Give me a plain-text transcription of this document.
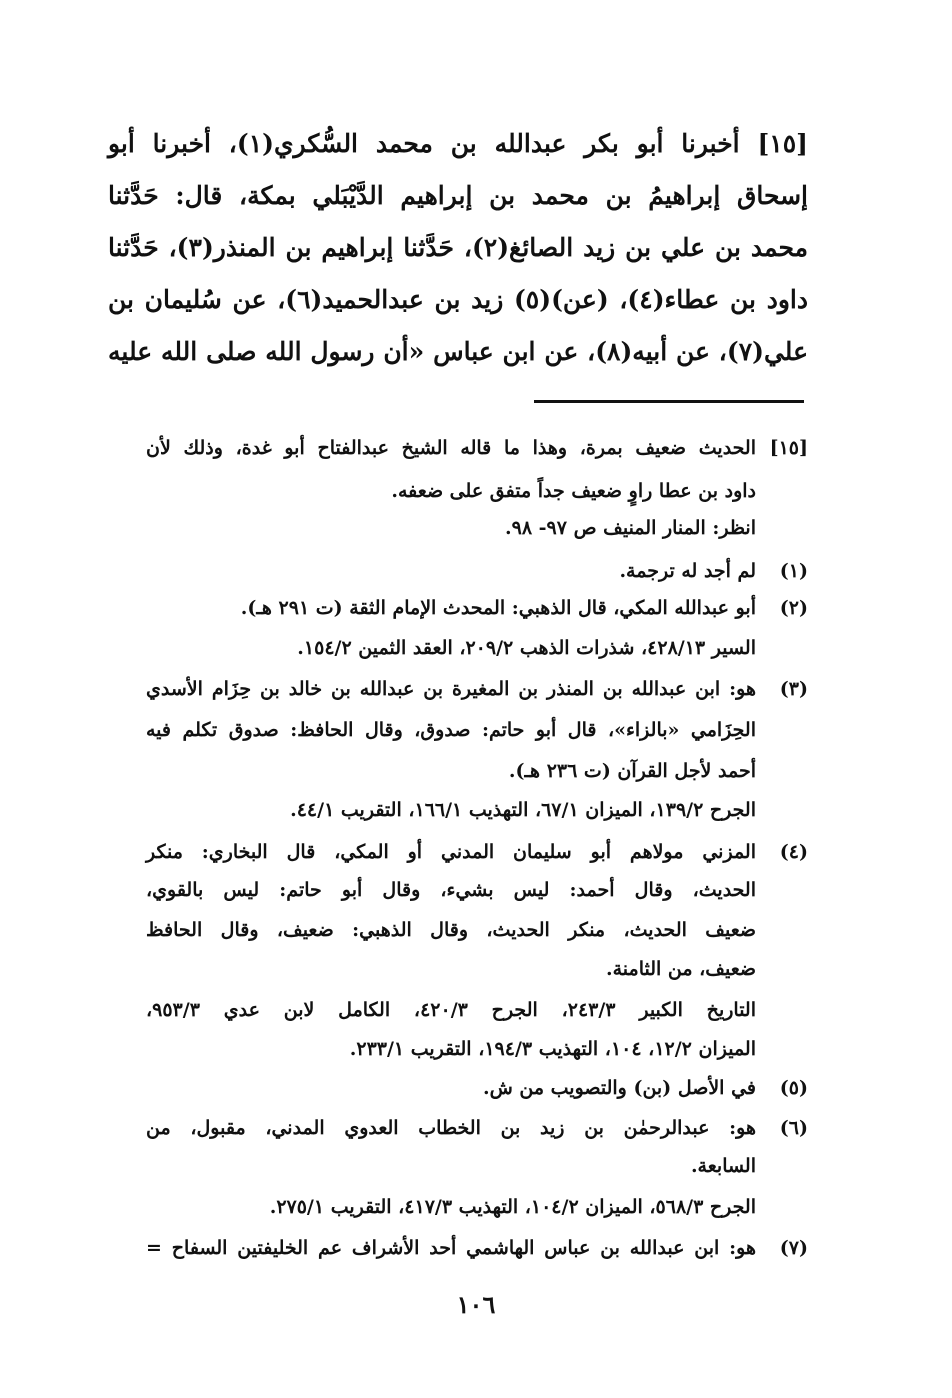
[١٥] أخبرنا أبو بكر عبدالله بن محمد السُّكري(١)، أخبرنا أبو
إسحاق إبراهيمُ بن محمد بن إبراهيم الدَّيْبَلي بمكة، قال: حَدَّثنا
محمد بن علي بن زيد الصائغ(٢)، حَدَّثنا إبراهيم بن المنذر(٣)، حَدَّثنا
داود بن عطاء(٤)، (عن)(٥) زيد بن عبدالحميد(٦)، عن سُليمان بن
علي(٧)، عن أبيه(٨)، عن ابن عباس «أن رسول الله صلى الله عليه
[١٥]
الحديث ضعيف بمرة، وهذا ما قاله الشيخ عبدالفتاح أبو غدة، وذلك لأن
داود بن عطا راوٍ ضعيف جداً متفق على ضعفه.
انظر: المنار المنيف ص ٩٧- ٩٨.
(١)
لم أجد له ترجمة.
(٢)
أبو عبدالله المكي، قال الذهبي: المحدث الإمام الثقة (ت ٢٩١ هـ).
السير ٤٢٨/١٣، شذرات الذهب ٢٠٩/٢، العقد الثمين ١٥٤/٢.
(٣)
هو: ابن عبدالله بن المنذر بن المغيرة بن عبدالله بن خالد بن حِزَام الأسدي
الحِزَامي «بالزاء»، قال أبو حاتم: صدوق، وقال الحافظ: صدوق تكلم فيه
أحمد لأجل القرآن (ت ٢٣٦ هـ).
الجرح ١٣٩/٢، الميزان ٦٧/١، التهذيب ١٦٦/١، التقريب ٤٤/١.
(٤)
المزني مولاهم أبو سليمان المدني أو المكي، قال البخاري: منكر
الحديث، وقال أحمد: ليس بشيء، وقال أبو حاتم: ليس بالقوي،
ضعيف الحديث، منكر الحديث، وقال الذهبي: ضعيف، وقال الحافظ
ضعيف، من الثامنة.
التاريخ الكبير ٢٤٣/٣، الجرح ٤٢٠/٣، الكامل لابن عدي ٩٥٣/٣،
الميزان ١٢/٢، ١٠٤، التهذيب ١٩٤/٣، التقريب ٢٣٣/١.
(٥)
في الأصل (بن) والتصويب من ش.
(٦)
هو: عبدالرحمٰن بن زيد بن الخطاب العدوي المدني، مقبول، من
السابعة.
الجرح ٥٦٨/٣، الميزان ١٠٤/٢، التهذيب ٤١٧/٣، التقريب ٢٧٥/١.
(٧)
هو: ابن عبدالله بن عباس الهاشمي أحد الأشراف عم الخليفتين السفاح =
١٠٦
